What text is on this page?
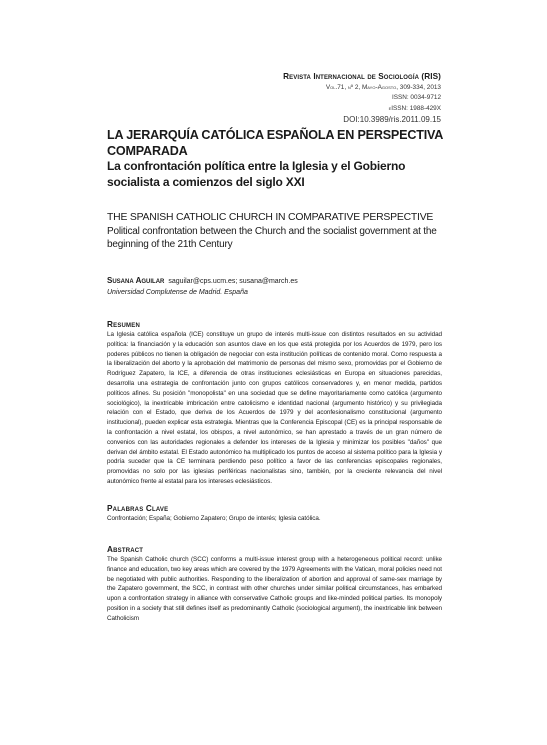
Revista Internacional de Sociología (RIS)
Vol.71, nº 2, Mayo-Agosto, 309-334, 2013
ISSN: 0034-9712
eISSN: 1988-429X
DOI:10.3989/ris.2011.09.15
LA JERARQUÍA CATÓLICA ESPAÑOLA EN PERSPECTIVA COMPARADA
La confrontación política entre la Iglesia y el Gobierno socialista a comienzos del siglo XXI
THE SPANISH CATHOLIC CHURCH IN COMPARATIVE PERSPECTIVE
Political confrontation between the Church and the socialist government at the beginning of the 21th Century
Susana Aguilar saguilar@cps.ucm.es; susana@march.es
Universidad Complutense de Madrid. España
Resumen
La Iglesia católica española (ICE) constituye un grupo de interés multi-issue con distintos resultados en su actividad política: la financiación y la educación son asuntos clave en los que está protegida por los Acuerdos de 1979, pero los poderes públicos no tienen la obligación de negociar con esta institución políticas de contenido moral. Como respuesta a la liberalización del aborto y la aprobación del matrimonio de personas del mismo sexo, promovidas por el Gobierno de Rodríguez Zapatero, la ICE, a diferencia de otras instituciones eclesiásticas en Europa en situaciones parecidas, desarrolla una estrategia de confrontación junto con grupos católicos conservadores y, en menor medida, partidos políticos afines. Su posición "monopolista" en una sociedad que se define mayoritariamente como católica (argumento sociológico), la inextricable imbricación entre catolicismo e identidad nacional (argumento histórico) y su privilegiada relación con el Estado, que deriva de los Acuerdos de 1979 y del aconfesionalismo constitucional (argumento institucional), pueden explicar esta estrategia. Mientras que la Conferencia Episcopal (CE) es la principal responsable de la confrontación a nivel estatal, los obispos, a nivel autonómico, se han aprestado a través de un gran número de convenios con las autoridades regionales a defender los intereses de la Iglesia y minimizar los posibles "daños" que derivan del ámbito estatal. El Estado autonómico ha multiplicado los puntos de acceso al sistema político para la Iglesia y podría suceder que la CE terminara perdiendo peso político a favor de las conferencias episcopales regionales, promovidas no solo por las iglesias periféricas nacionalistas sino, también, por la creciente relevancia del nivel autonómico frente al estatal para los intereses eclesiásticos.
Palabras Clave
Confrontación; España; Gobierno Zapatero; Grupo de interés; Iglesia católica.
Abstract
The Spanish Catholic church (SCC) conforms a multi-issue interest group with a heterogeneous political record: unlike finance and education, two key areas which are covered by the 1979 Agreements with the Vatican, moral policies need not be negotiated with public authorities. Responding to the liberalization of abortion and approval of same-sex marriage by the Zapatero government, the SCC, in contrast with other churches under similar political circumstances, has embarked upon a confrontation strategy in alliance with conservative Catholic groups and like-minded political parties. Its monopoly position in a society that still defines itself as predominantly Catholic (sociological argument), the inextricable link between Catholicism
